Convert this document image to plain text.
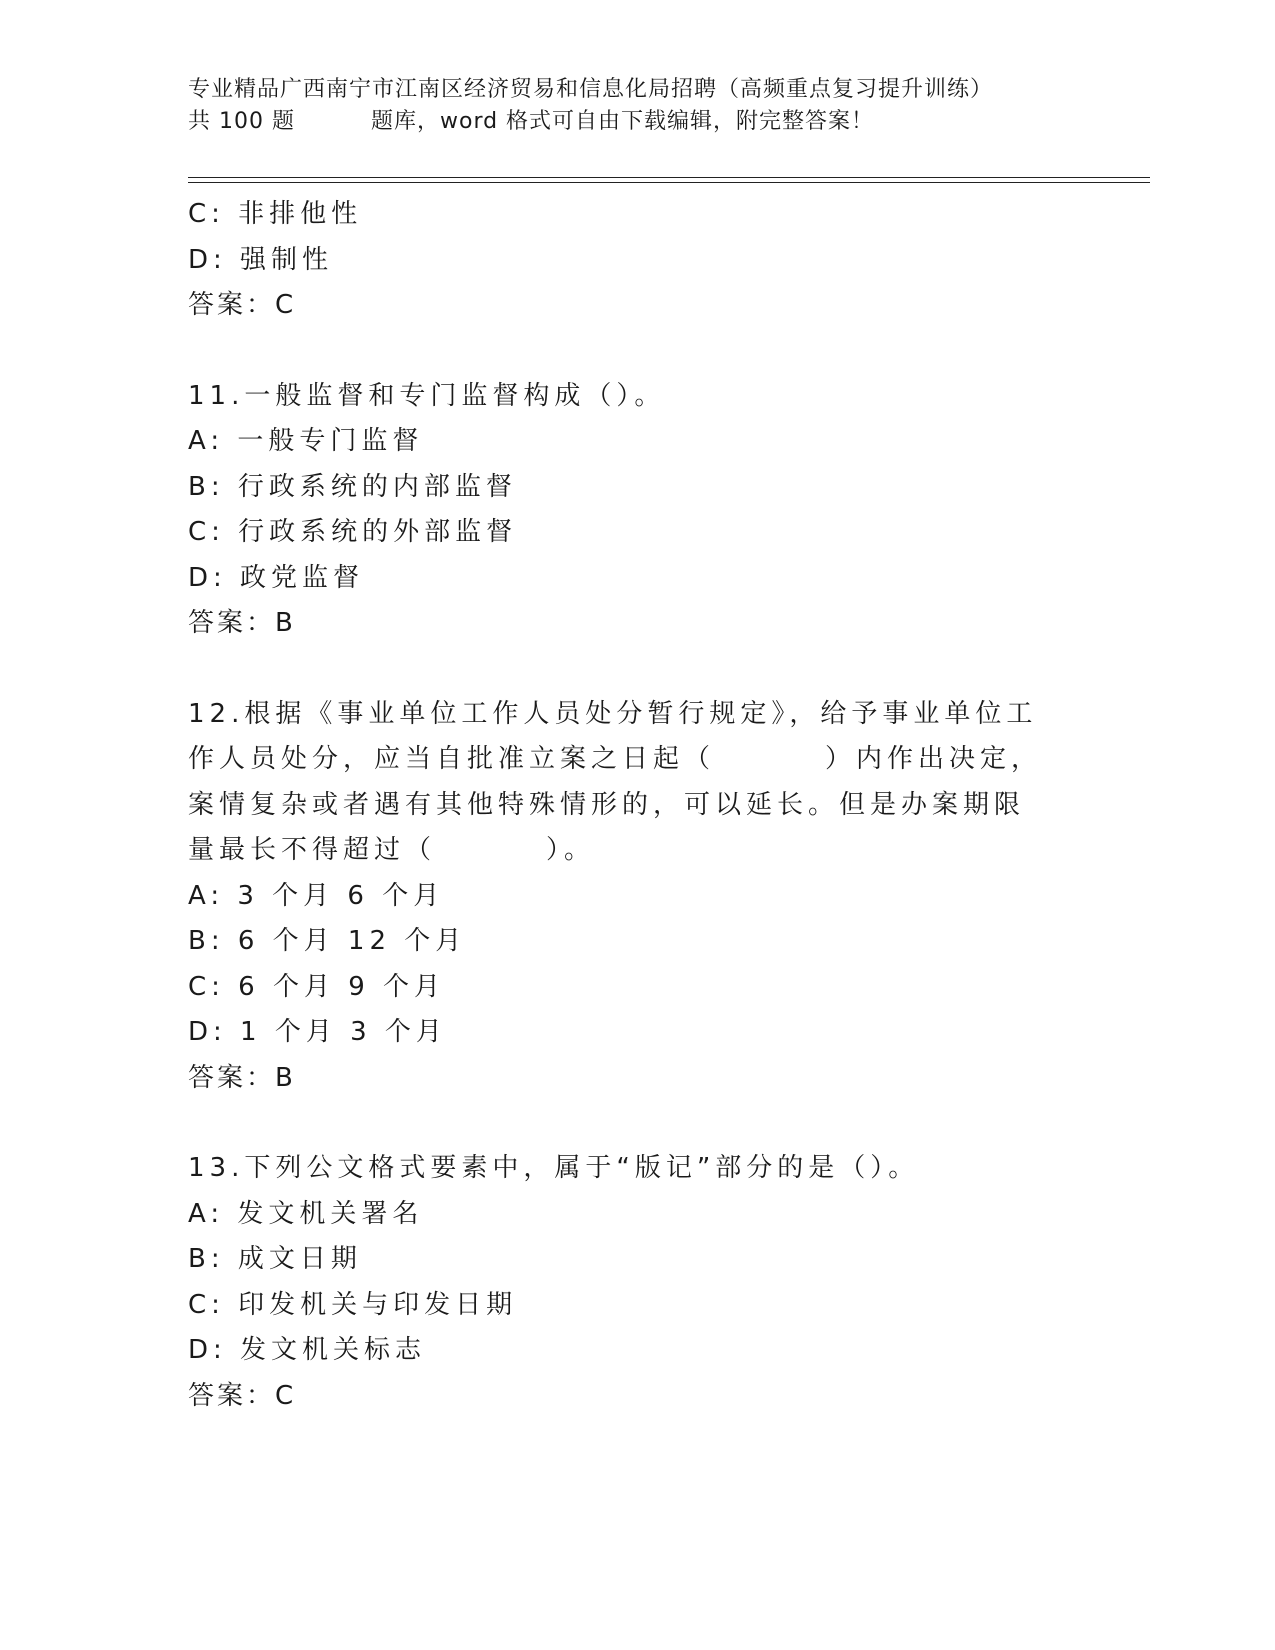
专业精品广西南宁市江南区经济贸易和信息化局招聘（高频重点复习提升训练）
共 100 题	题库，word 格式可自由下载编辑，附完整答案！
C: 非排他性
D: 强制性
答案：C
11.一般监督和专门监督构成（）。
A: 一般专门监督
B: 行政系统的内部监督
C: 行政系统的外部监督
D: 政党监督
答案：B
12.根据《事业单位工作人员处分暂行规定》，给予事业单位工作人员处分，应当自批准立案之日起（	）内作出决定，案情复杂或者遇有其他特殊情形的，可以延长。但是办案期限量最长不得超过（	）。
A: 3 个月 6 个月
B: 6 个月 12 个月
C: 6 个月 9 个月
D: 1 个月 3 个月
答案：B
13.下列公文格式要素中，属于“版记”部分的是（）。
A: 发文机关署名
B: 成文日期
C: 印发机关与印发日期
D: 发文机关标志
答案：C
